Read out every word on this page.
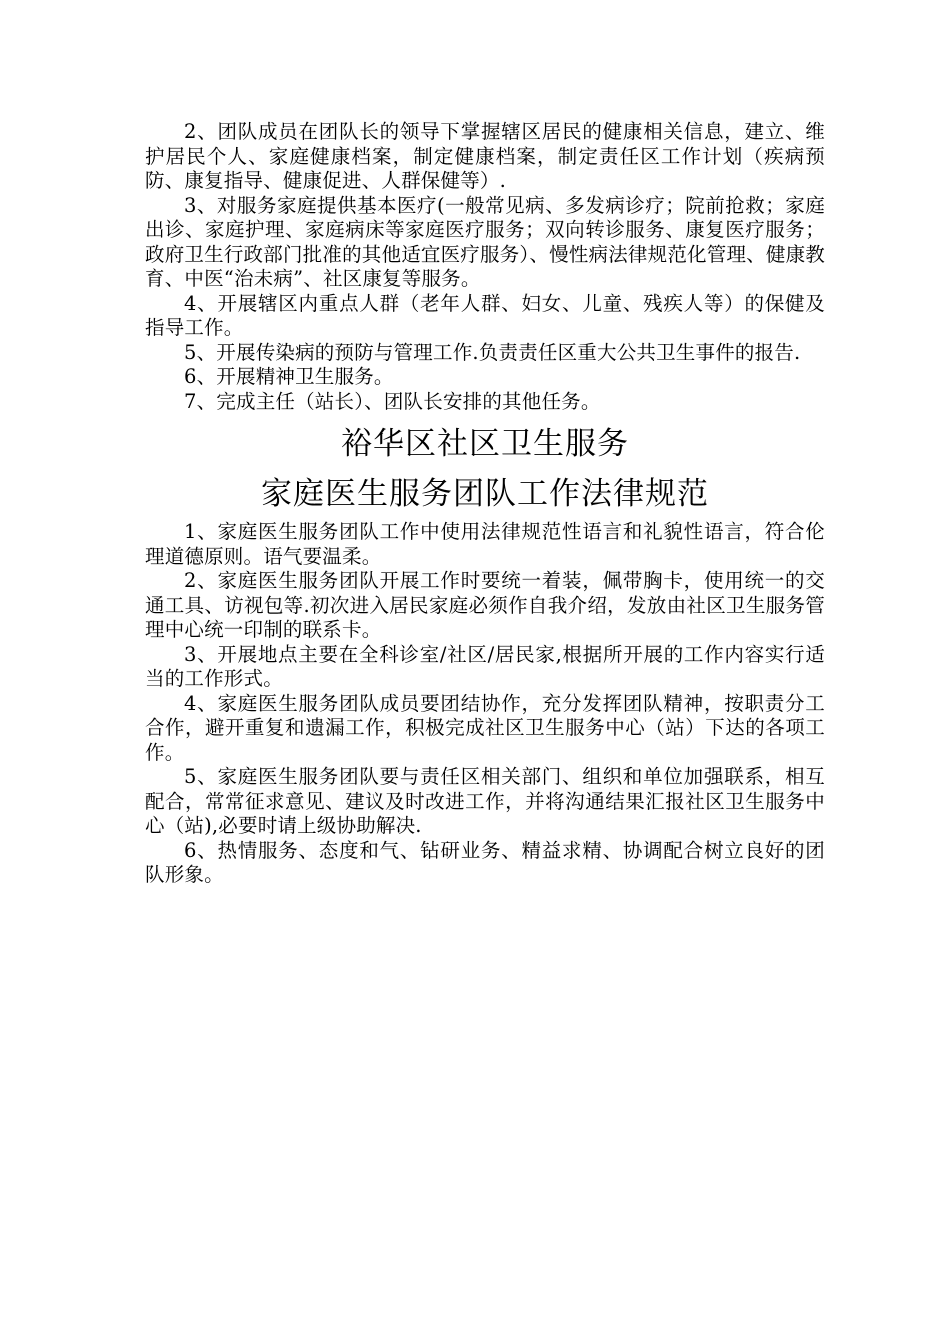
2、团队成员在团队长的领导下掌握辖区居民的健康相关信息，建立、维护居民个人、家庭健康档案，制定健康档案，制定责任区工作计划（疾病预防、康复指导、健康促进、人群保健等）.

3、对服务家庭提供基本医疗(一般常见病、多发病诊疗；院前抢救；家庭出诊、家庭护理、家庭病床等家庭医疗服务；双向转诊服务、康复医疗服务；政府卫生行政部门批准的其他适宜医疗服务）、慢性病法律规范化管理、健康教育、中医“治未病”、社区康复等服务。

4、开展辖区内重点人群（老年人群、妇女、儿童、残疾人等）的保健及指导工作。

5、开展传染病的预防与管理工作.负责责任区重大公共卫生事件的报告.

6、开展精神卫生服务。

7、完成主任（站长）、团队长安排的其他任务。

裕华区社区卫生服务
家庭医生服务团队工作法律规范

1、家庭医生服务团队工作中使用法律规范性语言和礼貌性语言，符合伦理道德原则。语气要温柔。

2、家庭医生服务团队开展工作时要统一着装，佩带胸卡，使用统一的交通工具、访视包等.初次进入居民家庭必须作自我介绍，发放由社区卫生服务管理中心统一印制的联系卡。

3、开展地点主要在全科诊室/社区/居民家,根据所开展的工作内容实行适当的工作形式。

4、家庭医生服务团队成员要团结协作，充分发挥团队精神，按职责分工合作，避开重复和遗漏工作，积极完成社区卫生服务中心（站）下达的各项工作。

5、家庭医生服务团队要与责任区相关部门、组织和单位加强联系，相互配合，常常征求意见、建议及时改进工作，并将沟通结果汇报社区卫生服务中心（站),必要时请上级协助解决.

6、热情服务、态度和气、钻研业务、精益求精、协调配合树立良好的团队形象。
